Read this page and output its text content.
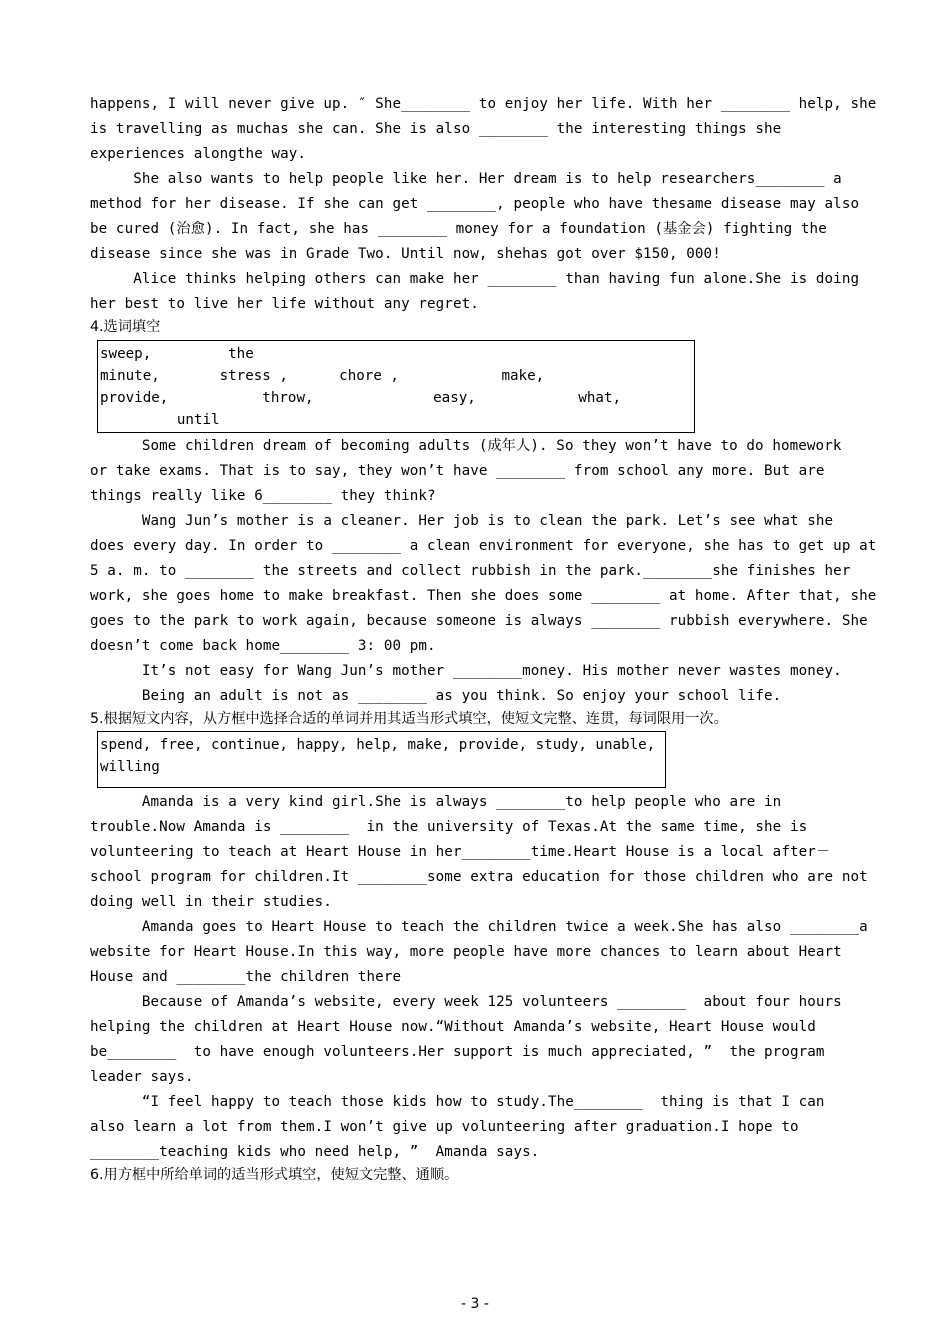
happens, I will never give up. ″ She________ to enjoy her life. With her ________ help, she
is travelling as muchas she can. She is also ________ the interesting things she
experiences alongthe way.
She also wants to help people like her. Her dream is to help researchers________ a
method for her disease. If she can get ________, people who have thesame disease may also
be cured (治愈). In fact, she has ________ money for a foundation (基金会) fighting the
disease since she was in Grade Two. Until now, shehas got over $150, 000!
Alice thinks helping others can make her ________ than having fun alone.She is doing
her best to live her life without any regret.
4.选词填空
sweep,         the
minute,       stress ,      chore ,            make,
provide,           throw,              easy,            what,
until
Some children dream of becoming adults (成年人). So they won’t have to do homework
or take exams. That is to say, they won’t have ________ from school any more. But are
things really like 6________ they think?
Wang Jun’s mother is a cleaner. Her job is to clean the park. Let’s see what she
does every day. In order to ________ a clean environment for everyone, she has to get up at
5 a. m. to ________ the streets and collect rubbish in the park.________she finishes her
work, she goes home to make breakfast. Then she does some ________ at home. After that, she
goes to the park to work again, because someone is always ________ rubbish everywhere. She
doesn’t come back home________ 3: 00 pm.
It’s not easy for Wang Jun’s mother ________money. His mother never wastes money.
Being an adult is not as ________ as you think. So enjoy your school life.
5.根据短文内容，从方框中选择合适的单词并用其适当形式填空，使短文完整、连贯，每词限用一次。
spend, free, continue, happy, help, make, provide, study, unable,
willing
Amanda is a very kind girl.She is always ________to help people who are in
trouble.Now Amanda is ________  in the university of Texas.At the same time, she is
volunteering to teach at Heart House in her________time.Heart House is a local after－
school program for children.It ________some extra education for those children who are not
doing well in their studies.
Amanda goes to Heart House to teach the children twice a week.She has also ________a
website for Heart House.In this way, more people have more chances to learn about Heart
House and ________the children there
Because of Amanda’s website, every week 125 volunteers ________  about four hours
helping the children at Heart House now.“Without Amanda’s website, Heart House would
be________  to have enough volunteers.Her support is much appreciated, ”  the program
leader says.
“I feel happy to teach those kids how to study.The________  thing is that I can
also learn a lot from them.I won’t give up volunteering after graduation.I hope to
________teaching kids who need help, ”  Amanda says.
6.用方框中所给单词的适当形式填空，使短文完整、通顺。
- 3 -
